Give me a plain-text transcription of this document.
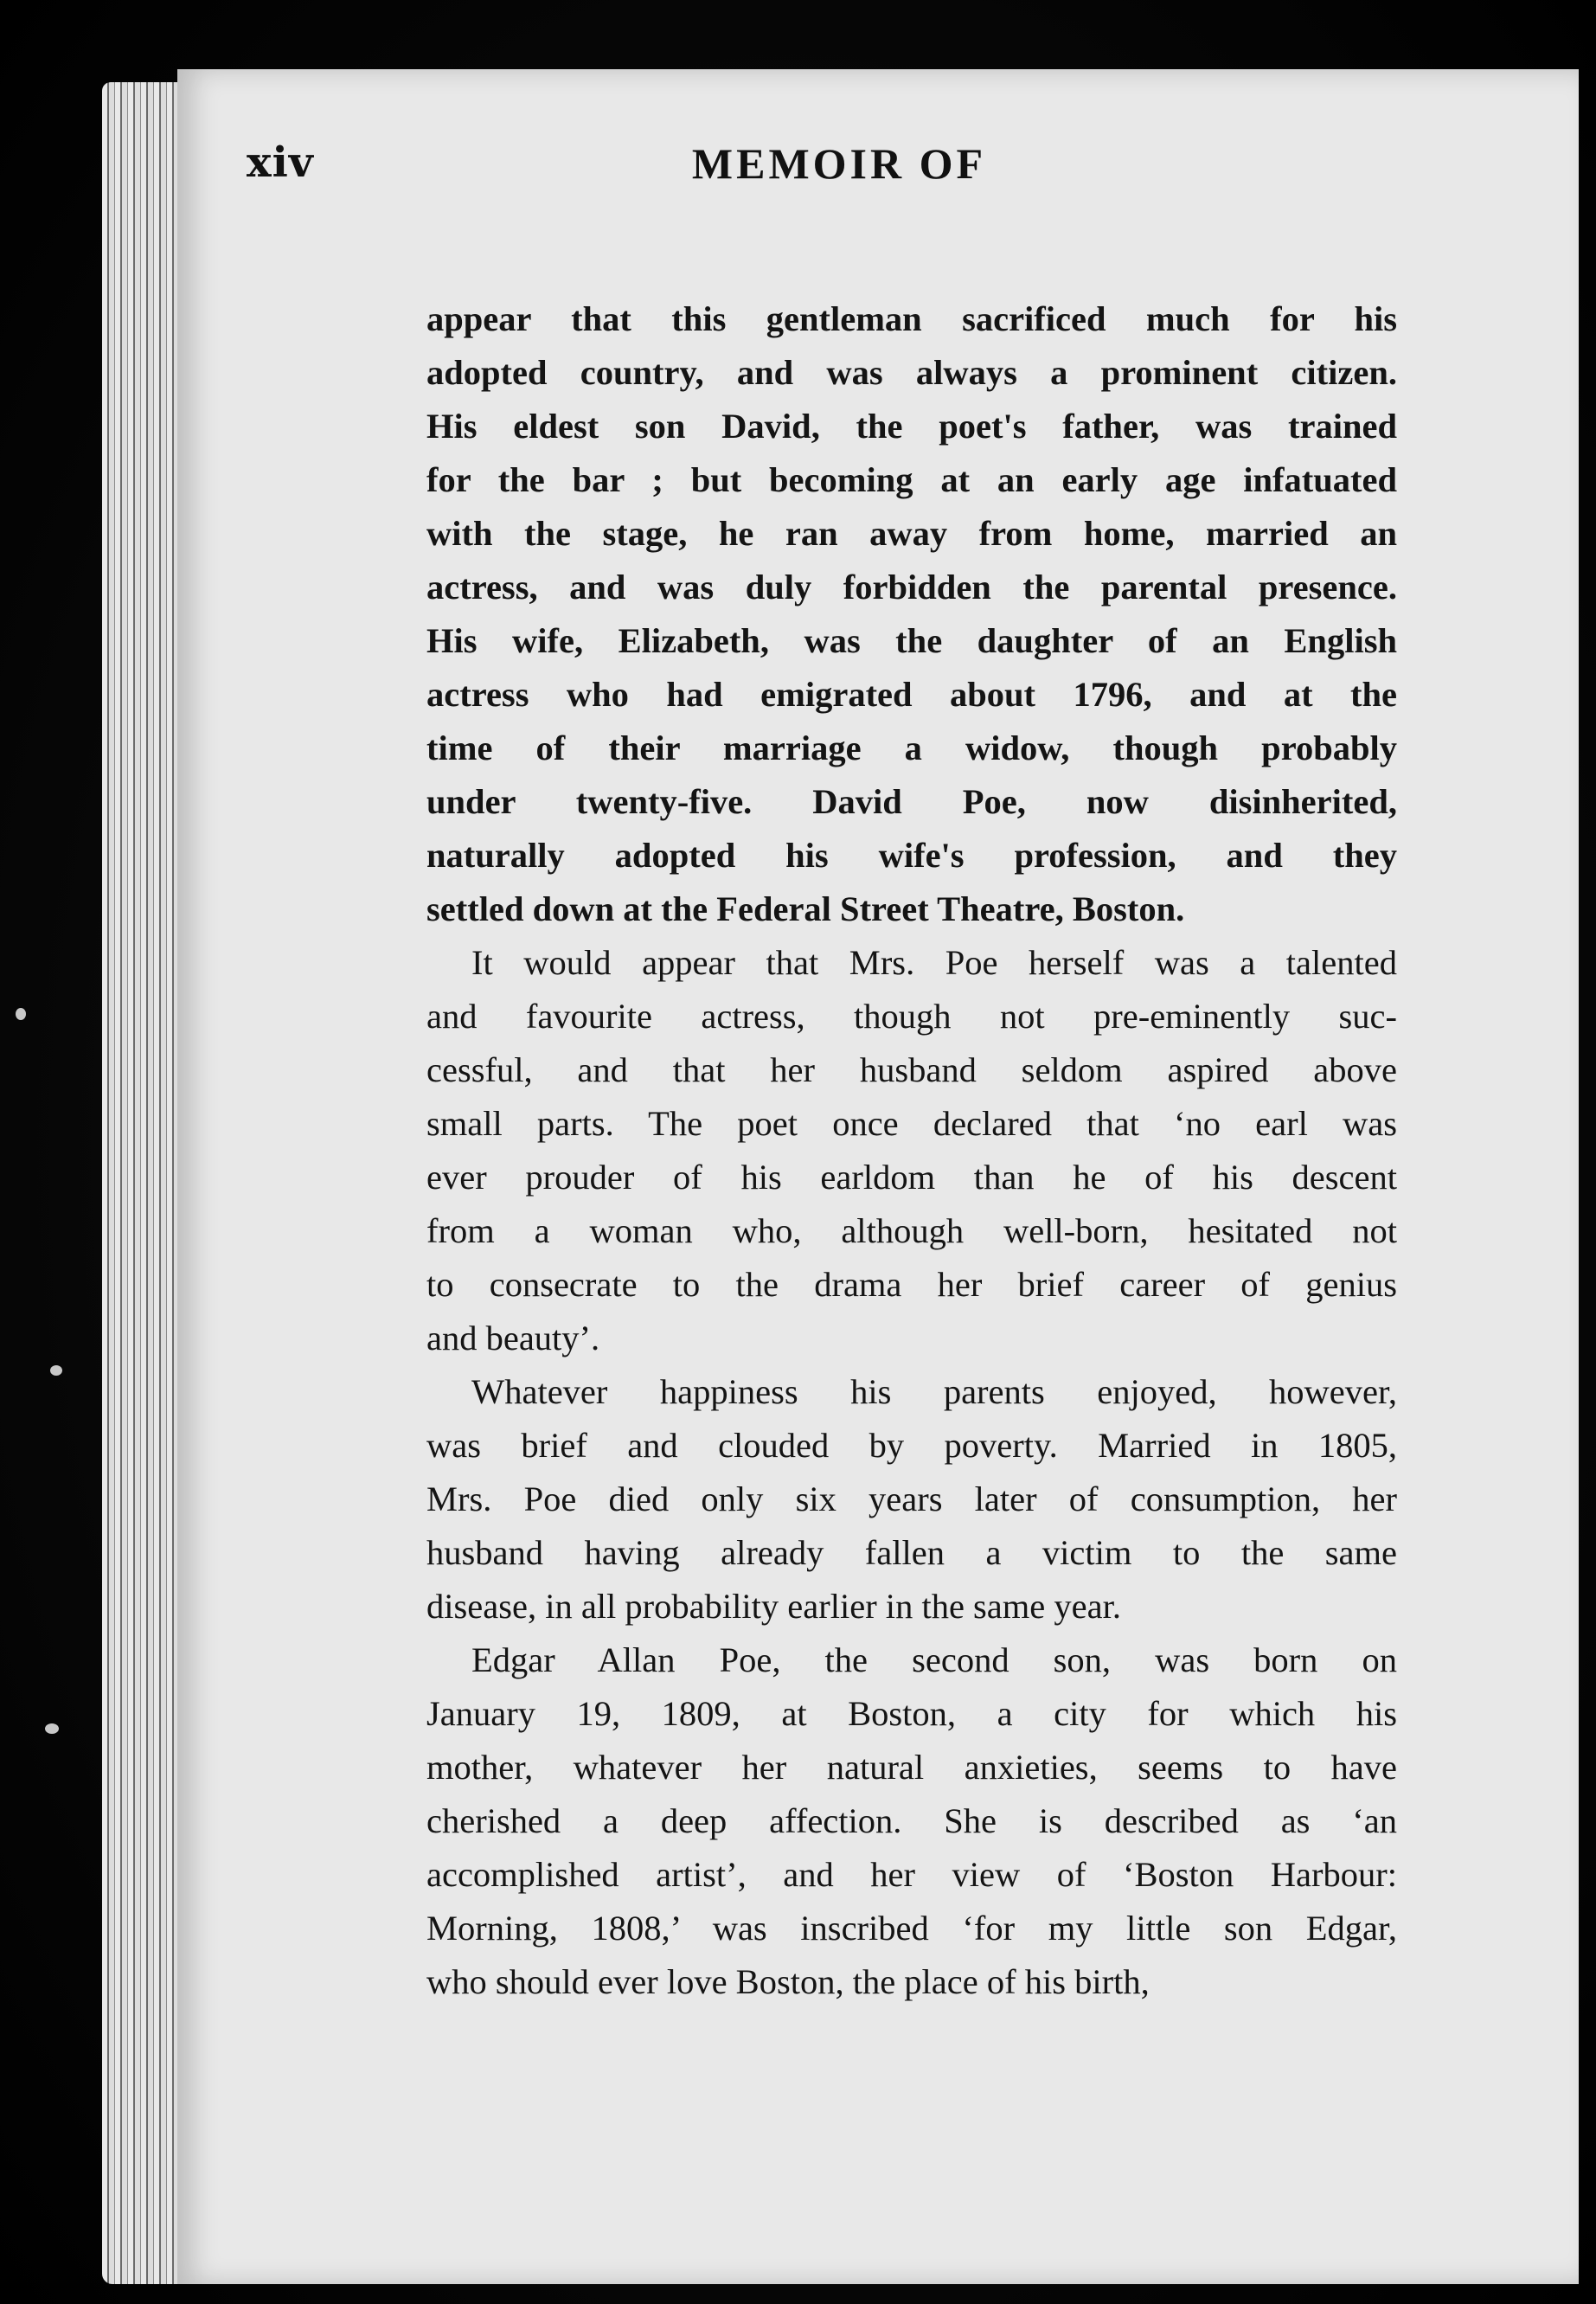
xiv	MEMOIR OF
appear that this gentleman sacrificed much for his
adopted country, and was always a prominent citizen.
His eldest son David, the poet's father, was trained
for the bar ; but becoming at an early age infatuated
with the stage, he ran away from home, married an
actress, and was duly forbidden the parental presence.
His wife, Elizabeth, was the daughter of an English
actress who had emigrated about 1796, and at the
time of their marriage a widow, though probably
under twenty-five. David Poe, now disinherited,
naturally adopted his wife's profession, and they
settled down at the Federal Street Theatre, Boston.
It would appear that Mrs. Poe herself was a talented
and favourite actress, though not pre-eminently suc-
cessful, and that her husband seldom aspired above
small parts. The poet once declared that ‘no earl was
ever prouder of his earldom than he of his descent
from a woman who, although well-born, hesitated not
to consecrate to the drama her brief career of genius
and beauty’.
Whatever happiness his parents enjoyed, however,
was brief and clouded by poverty. Married in 1805,
Mrs. Poe died only six years later of consumption, her
husband having already fallen a victim to the same
disease, in all probability earlier in the same year.
Edgar Allan Poe, the second son, was born on
January 19, 1809, at Boston, a city for which his
mother, whatever her natural anxieties, seems to have
cherished a deep affection. She is described as ‘an
accomplished artist’, and her view of ‘Boston Harbour:
Morning, 1808,’ was inscribed ‘for my little son Edgar,
who should ever love Boston, the place of his birth,
